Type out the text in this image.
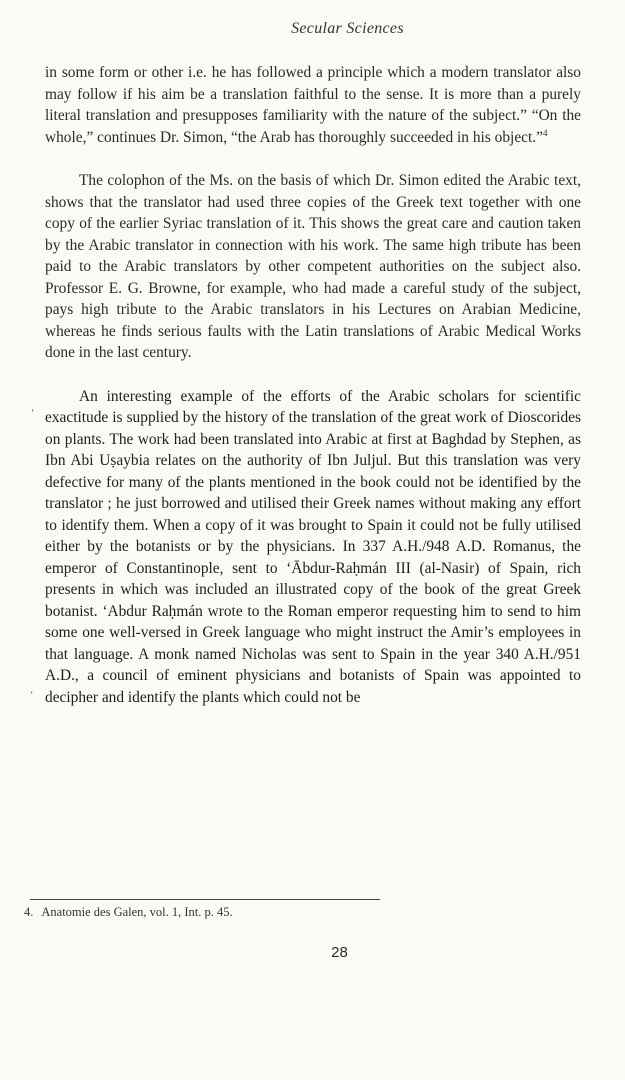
Secular Sciences

in some form or other i.e. he has followed a principle which a modern translator also may follow if his aim be a translation faithful to the sense. It is more than a purely literal translation and presupposes familiarity with the nature of the subject.” “On the whole,” continues Dr. Simon, “the Arab has thoroughly succeeded in his object.”$^4$

The colophon of the Ms. on the basis of which Dr. Simon edited the Arabic text, shows that the translator had used three copies of the Greek text together with one copy of the earlier Syriac translation of it. This shows the great care and caution taken by the Arabic translator in connection with his work. The same high tribute has been paid to the Arabic translators by other competent authorities on the subject also. Professor E. G. Browne, for example, who had made a careful study of the subject, pays high tribute to the Arabic translators in his Lectures on Arabian Medicine, whereas he finds serious faults with the Latin translations of Arabic Medical Works done in the last century.

An interesting example of the efforts of the Arabic scholars for scientific exactitude is supplied by the history of the translation of the great work of Dioscorides on plants. The work had been translated into Arabic at first at Baghdad by Stephen, as Ibn Abi Uṣaybia relates on the authority of Ibn Juljul. But this translation was very defective for many of the plants mentioned in the book could not be identified by the translator ; he just borrowed and utilised their Greek names without making any effort to identify them. When a copy of it was brought to Spain it could not be fully utilised either by the botanists or by the physicians. In 337 A.H./948 A.D. Romanus, the emperor of Constantinople, sent to ‘Ābdur-Raḥmán III (al-Nasir) of Spain, rich presents in which was included an illustrated copy of the book of the great Greek botanist. ‘Abdur Raḥmán wrote to the Roman emperor requesting him to send to him some one well-versed in Greek language who might instruct the Amir’s employees in that language. A monk named Nicholas was sent to Spain in the year 340 A.H./951 A.D., a council of eminent physicians and botanists of Spain was appointed to decipher and identify the plants which could not be

‘
‘
4. Anatomie des Galen, vol. 1, Int. p. 45.
28
